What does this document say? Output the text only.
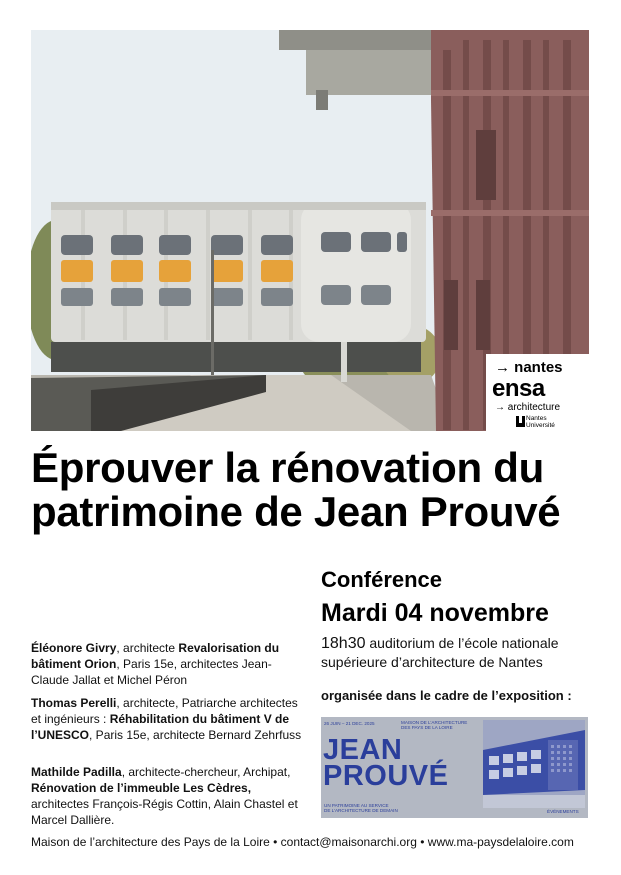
→ nantes
ensa
→ architecture
Nantes
Université
Éprouver la rénovation du patrimoine de Jean Prouvé
Conférence
Mardi 04 novembre
18h30 auditorium de l’école nationale supérieure d’architecture de Nantes
organisée dans le cadre de l’exposition :
Éléonore Givry, architecte Revalorisation du bâtiment Orion, Paris 15e, architectes Jean-Claude Jallat et Michel Péron
Thomas Perelli, architecte, Patriarche architectes et ingénieurs : Réhabilitation du bâtiment V de l’UNESCO, Paris 15e, architecte Bernard Zehrfuss
Mathilde Padilla, architecte-chercheur, Archipat, Rénovation de l’immeuble Les Cèdres, architectes François-Régis Cottin, Alain Chastel et Marcel Dallière.
26 JUIN – 21 DEC. 2025	MAISON DE L’ARCHITECTURE
DES PAYS DE LA LOIRE
JEAN
PROUVÉ
UN PATRIMOINE AU SERVICE
DE L’ARCHITECTURE DE DEMAIN	ÉVÉNEMENTS
Maison de l’architecture des Pays de la Loire • contact@maisonarchi.org • www.ma-paysdelaloire.com
